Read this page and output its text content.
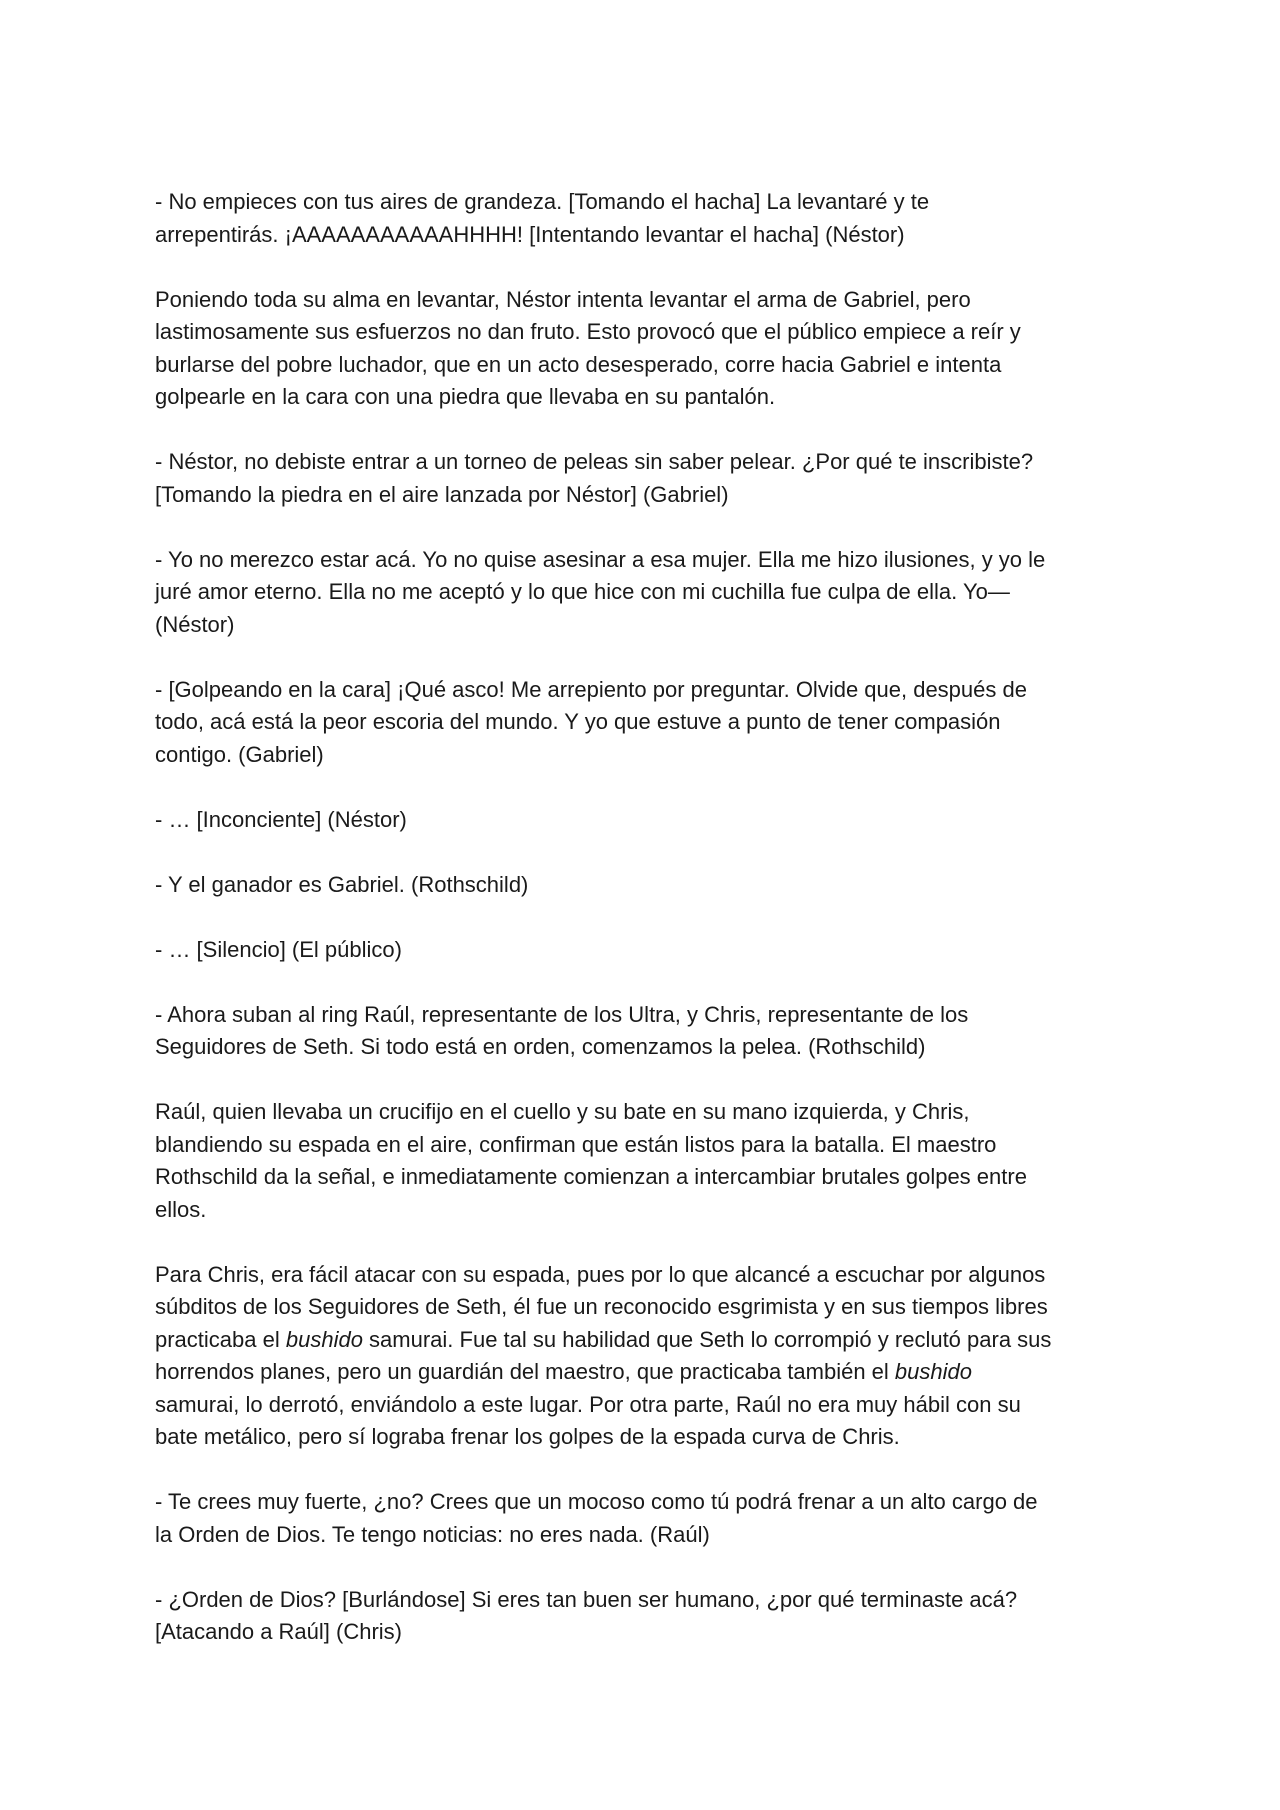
- No empieces con tus aires de grandeza. [Tomando el hacha] La levantaré y te
arrepentirás. ¡AAAAAAAAAAAHHHH! [Intentando levantar el hacha] (Néstor)

Poniendo toda su alma en levantar, Néstor intenta levantar el arma de Gabriel, pero
lastimosamente sus esfuerzos no dan fruto. Esto provocó que el público empiece a reír y
burlarse del pobre luchador, que en un acto desesperado, corre hacia Gabriel e intenta
golpearle en la cara con una piedra que llevaba en su pantalón.

- Néstor, no debiste entrar a un torneo de peleas sin saber pelear. ¿Por qué te inscribiste?
[Tomando la piedra en el aire lanzada por Néstor] (Gabriel)

- Yo no merezco estar acá. Yo no quise asesinar a esa mujer. Ella me hizo ilusiones, y yo le
juré amor eterno. Ella no me aceptó y lo que hice con mi cuchilla fue culpa de ella. Yo—
(Néstor)

- [Golpeando en la cara] ¡Qué asco! Me arrepiento por preguntar. Olvide que, después de
todo, acá está la peor escoria del mundo. Y yo que estuve a punto de tener compasión
contigo. (Gabriel)

- … [Inconciente] (Néstor)

- Y el ganador es Gabriel. (Rothschild)

- … [Silencio] (El público)

- Ahora suban al ring Raúl, representante de los Ultra, y Chris, representante de los
Seguidores de Seth. Si todo está en orden, comenzamos la pelea. (Rothschild)

Raúl, quien llevaba un crucifijo en el cuello y su bate en su mano izquierda, y Chris,
blandiendo su espada en el aire, confirman que están listos para la batalla. El maestro
Rothschild da la señal, e inmediatamente comienzan a intercambiar brutales golpes entre
ellos.

Para Chris, era fácil atacar con su espada, pues por lo que alcancé a escuchar por algunos
súbditos de los Seguidores de Seth, él fue un reconocido esgrimista y en sus tiempos libres
practicaba el bushido samurai. Fue tal su habilidad que Seth lo corrompió y reclutó para sus
horrendos planes, pero un guardián del maestro, que practicaba también el bushido
samurai, lo derrotó, enviándolo a este lugar. Por otra parte, Raúl no era muy hábil con su
bate metálico, pero sí lograba frenar los golpes de la espada curva de Chris.

- Te crees muy fuerte, ¿no? Crees que un mocoso como tú podrá frenar a un alto cargo de
la Orden de Dios. Te tengo noticias: no eres nada. (Raúl)

- ¿Orden de Dios? [Burlándose] Si eres tan buen ser humano, ¿por qué terminaste acá?
[Atacando a Raúl] (Chris)
